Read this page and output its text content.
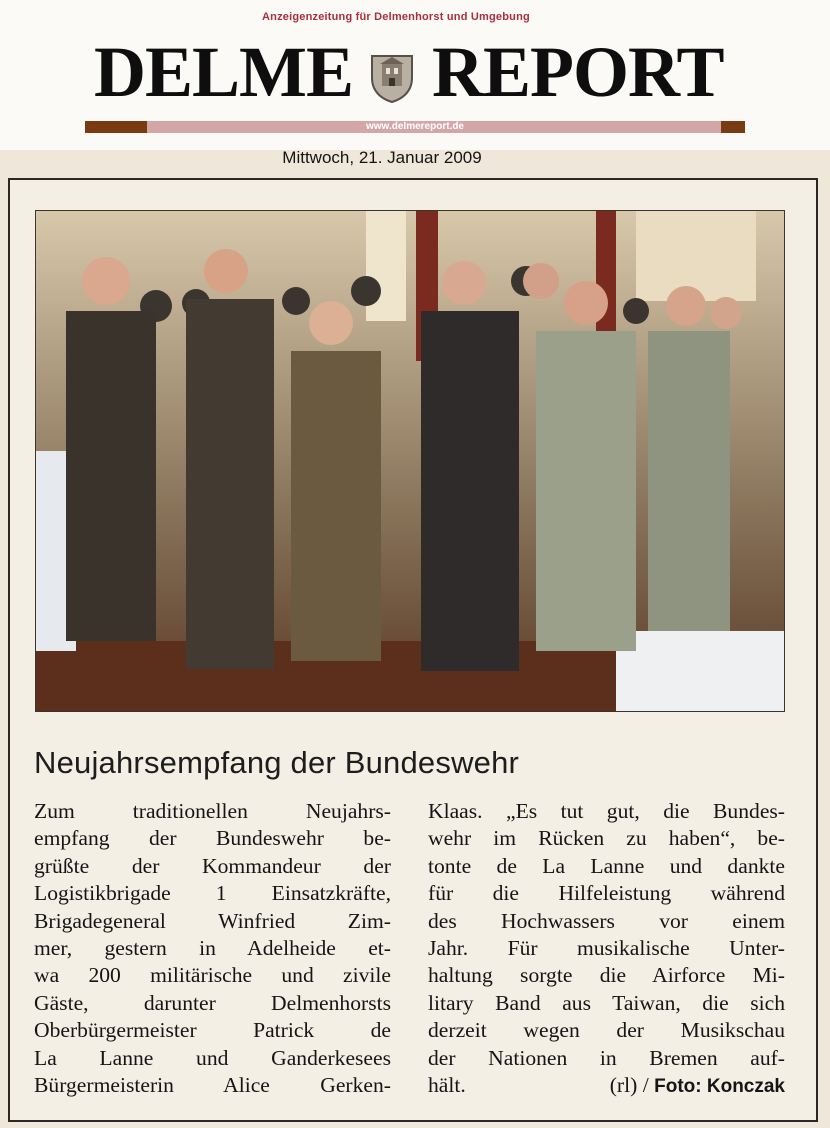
Anzeigenzeitung für Delmenhorst und Umgebung
DELME REPORT
www.delmereport.de
Mittwoch, 21. Januar 2009
Neujahrsempfang der Bundeswehr
Zum traditionellen Neujahrs-
empfang der Bundeswehr be-
grüßte der Kommandeur der
Logistikbrigade 1 Einsatzkräfte,
Brigadegeneral Winfried Zim-
mer, gestern in Adelheide et-
wa 200 militärische und zivile
Gäste, darunter Delmenhorsts
Oberbürgermeister Patrick de
La Lanne und Ganderkesees
Bürgermeisterin Alice Gerken-
Klaas. „Es tut gut, die Bundes-
wehr im Rücken zu haben“, be-
tonte de La Lanne und dankte
für die Hilfeleistung während
des Hochwassers vor einem
Jahr. Für musikalische Unter-
haltung sorgte die Airforce Mi-
litary Band aus Taiwan, die sich
derzeit wegen der Musikschau
der Nationen in Bremen auf-
hält.	(rl) / Foto: Konczak
